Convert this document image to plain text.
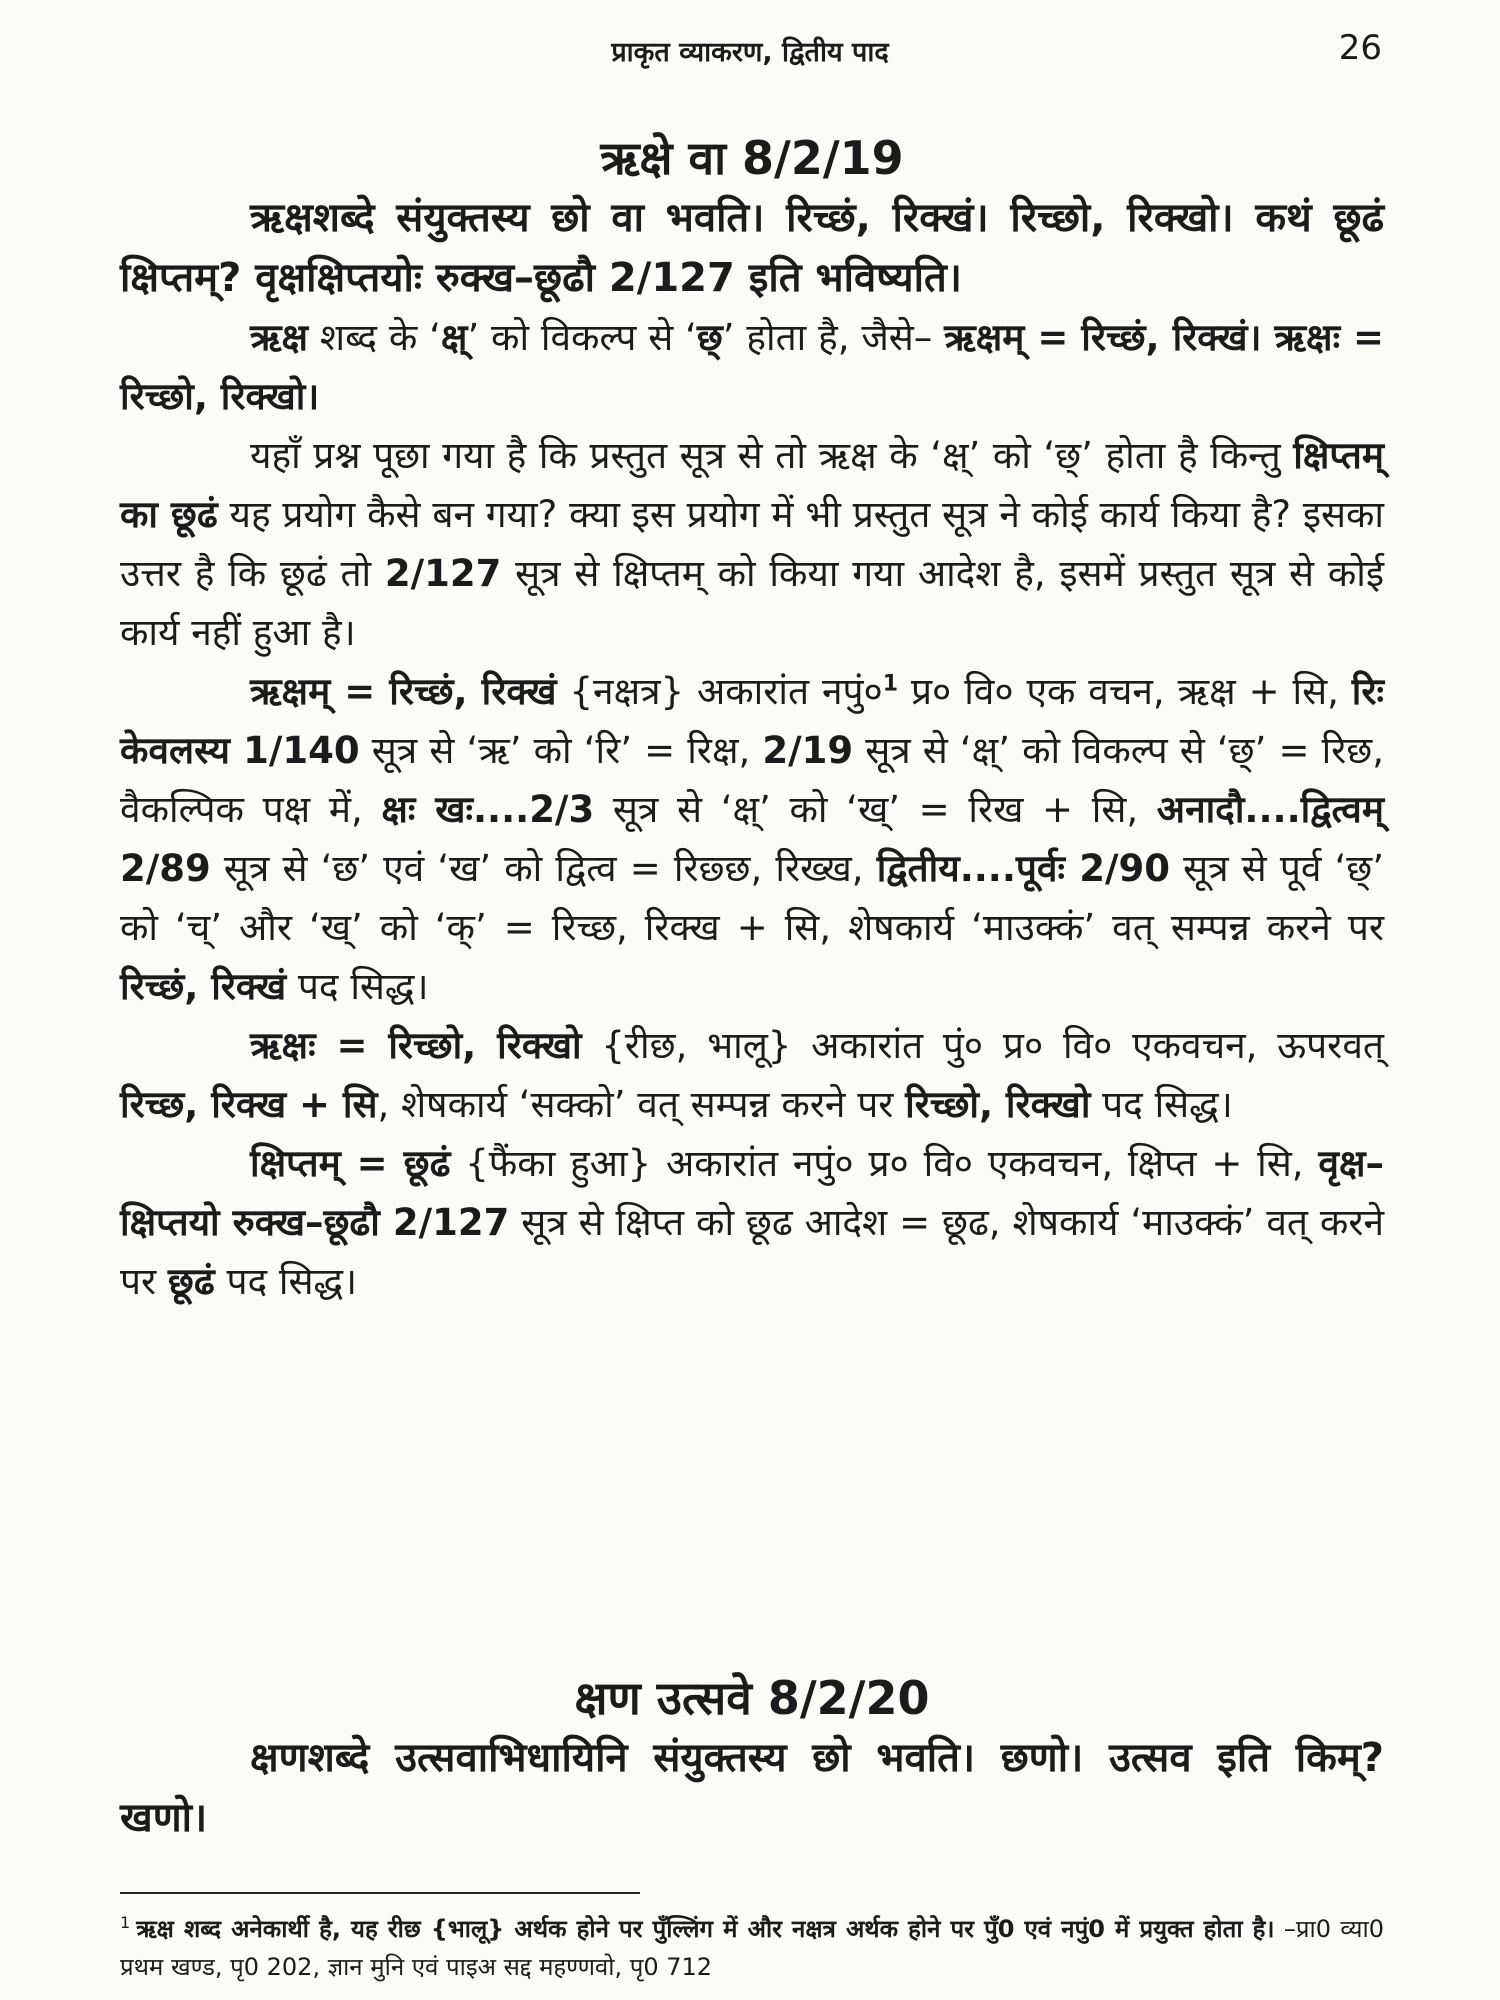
प्राकृत व्याकरण, द्वितीय पाद	26
ऋक्षे वा 8/2/19

ऋक्षशब्दे संयुक्तस्य छो वा भवति। रिच्छं, रिक्खं। रिच्छो, रिक्खो। कथं छूढं क्षिप्तम्? वृक्षक्षिप्तयोः रुक्ख–छूढौ 2/127 इति भविष्यति।

ऋक्ष शब्द के ‘क्ष्’ को विकल्प से ‘छ्’ होता है, जैसे– ऋक्षम् = रिच्छं, रिक्खं। ऋक्षः = रिच्छो, रिक्खो।

यहाँ प्रश्न पूछा गया है कि प्रस्तुत सूत्र से तो ऋक्ष के ‘क्ष्’ को ‘छ्’ होता है किन्तु क्षिप्तम् का छूढं यह प्रयोग कैसे बन गया? क्या इस प्रयोग में भी प्रस्तुत सूत्र ने कोई कार्य किया है? इसका उत्तर है कि छूढं तो 2/127 सूत्र से क्षिप्तम् को किया गया आदेश है, इसमें प्रस्तुत सूत्र से कोई कार्य नहीं हुआ है।

ऋक्षम् = रिच्छं, रिक्खं {नक्षत्र} अकारांत नपुं०$^1$ प्र० वि० एक वचन, ऋक्ष + सि, रिः केवलस्य 1/140 सूत्र से ‘ऋ’ को ‘रि’ = रिक्ष, 2/19 सूत्र से ‘क्ष्’ को विकल्प से ‘छ्’ = रिछ, वैकल्पिक पक्ष में, क्षः खः....2/3 सूत्र से ‘क्ष्’ को ‘ख्’ = रिख + सि, अनादौ....द्वित्वम् 2/89 सूत्र से ‘छ’ एवं ‘ख’ को द्वित्व = रिछ्छ, रिख्ख, द्वितीय....पूर्वः 2/90 सूत्र से पूर्व ‘छ्’ को ‘च्’ और ‘ख्’ को ‘क्’ = रिच्छ, रिक्ख + सि, शेषकार्य ‘माउक्कं’ वत् सम्पन्न करने पर रिच्छं, रिक्खं पद सिद्ध।

ऋक्षः = रिच्छो, रिक्खो {रीछ, भालू} अकारांत पुं० प्र० वि० एकवचन, ऊपरवत् रिच्छ, रिक्ख + सि, शेषकार्य ‘सक्को’ वत् सम्पन्न करने पर रिच्छो, रिक्खो पद सिद्ध।

क्षिप्तम् = छूढं {फैंका हुआ} अकारांत नपुं० प्र० वि० एकवचन, क्षिप्त + सि, वृक्ष–क्षिप्तयो रुक्ख–छूढौ 2/127 सूत्र से क्षिप्त को छूढ आदेश = छूढ, शेषकार्य ‘माउक्कं’ वत् करने पर छूढं पद सिद्ध।

क्षण उत्सवे 8/2/20

क्षणशब्दे उत्सवाभिधायिनि संयुक्तस्य छो भवति। छणो। उत्सव इति किम्? खणो।

$^1$ ऋक्ष शब्द अनेकार्थी है, यह रीछ {भालू} अर्थक होने पर पुँल्लिंग में और नक्षत्र अर्थक होने पर पुँ0 एवं नपुं0 में प्रयुक्त होता है। –प्रा0 व्या0 प्रथम खण्ड, पृ0 202, ज्ञान मुनि एवं पाइअ सद्द महण्णवो, पृ0 712
